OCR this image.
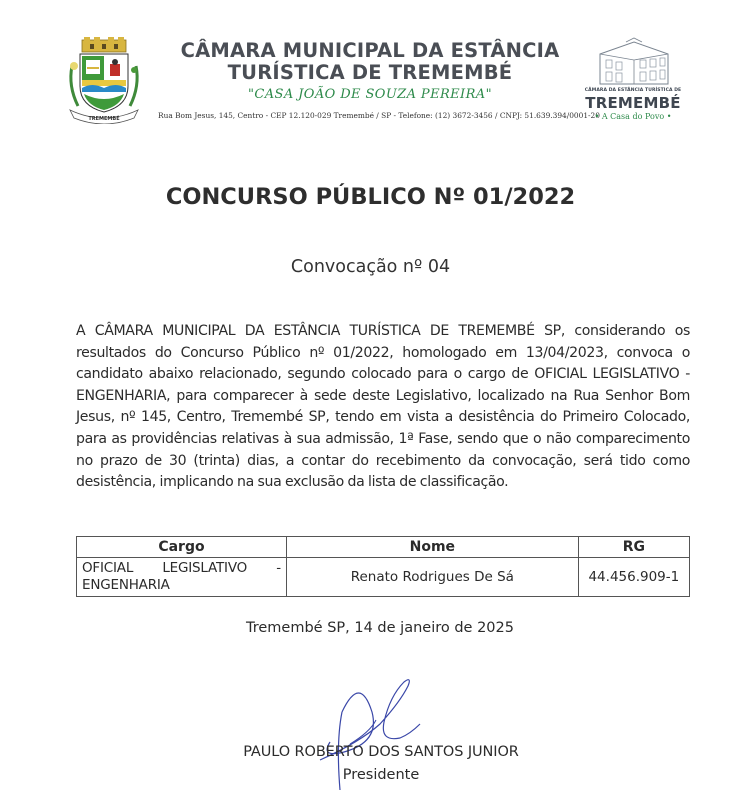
TREMEMBÉ
CÂMARA MUNICIPAL DA ESTÂNCIA
TURÍSTICA DE TREMEMBÉ
"CASA JOÃO DE SOUZA PEREIRA"
Rua Bom Jesus, 145, Centro - CEP 12.120-029 Tremembé / SP - Telefone: (12) 3672-3456 / CNPJ: 51.639.394/0001-20
CÂMARA DA ESTÂNCIA TURÍSTICA DE
TREMEMBÉ
• A Casa do Povo •
CONCURSO PÚBLICO Nº 01/2022
Convocação nº 04
A CÂMARA MUNICIPAL DA ESTÂNCIA TURÍSTICA DE TREMEMBÉ SP, considerando os resultados do Concurso Público nº 01/2022, homologado em 13/04/2023, convoca o candidato abaixo relacionado, segundo colocado para o cargo de OFICIAL LEGISLATIVO - ENGENHARIA, para comparecer à sede deste Legislativo, localizado na Rua Senhor Bom Jesus, nº 145, Centro, Tremembé SP, tendo em vista a desistência do Primeiro Colocado, para as providências relativas à sua admissão, 1ª Fase, sendo que o não comparecimento no prazo de 30 (trinta) dias, a contar do recebimento da convocação, será tido como desistência, implicando na sua exclusão da lista de classificação.
Cargo	Nome	RG
OFICIAL LEGISLATIVO - ENGENHARIA	Renato Rodrigues De Sá	44.456.909-1
Tremembé SP, 14 de janeiro de 2025
PAULO ROBERTO DOS SANTOS JUNIOR
Presidente
